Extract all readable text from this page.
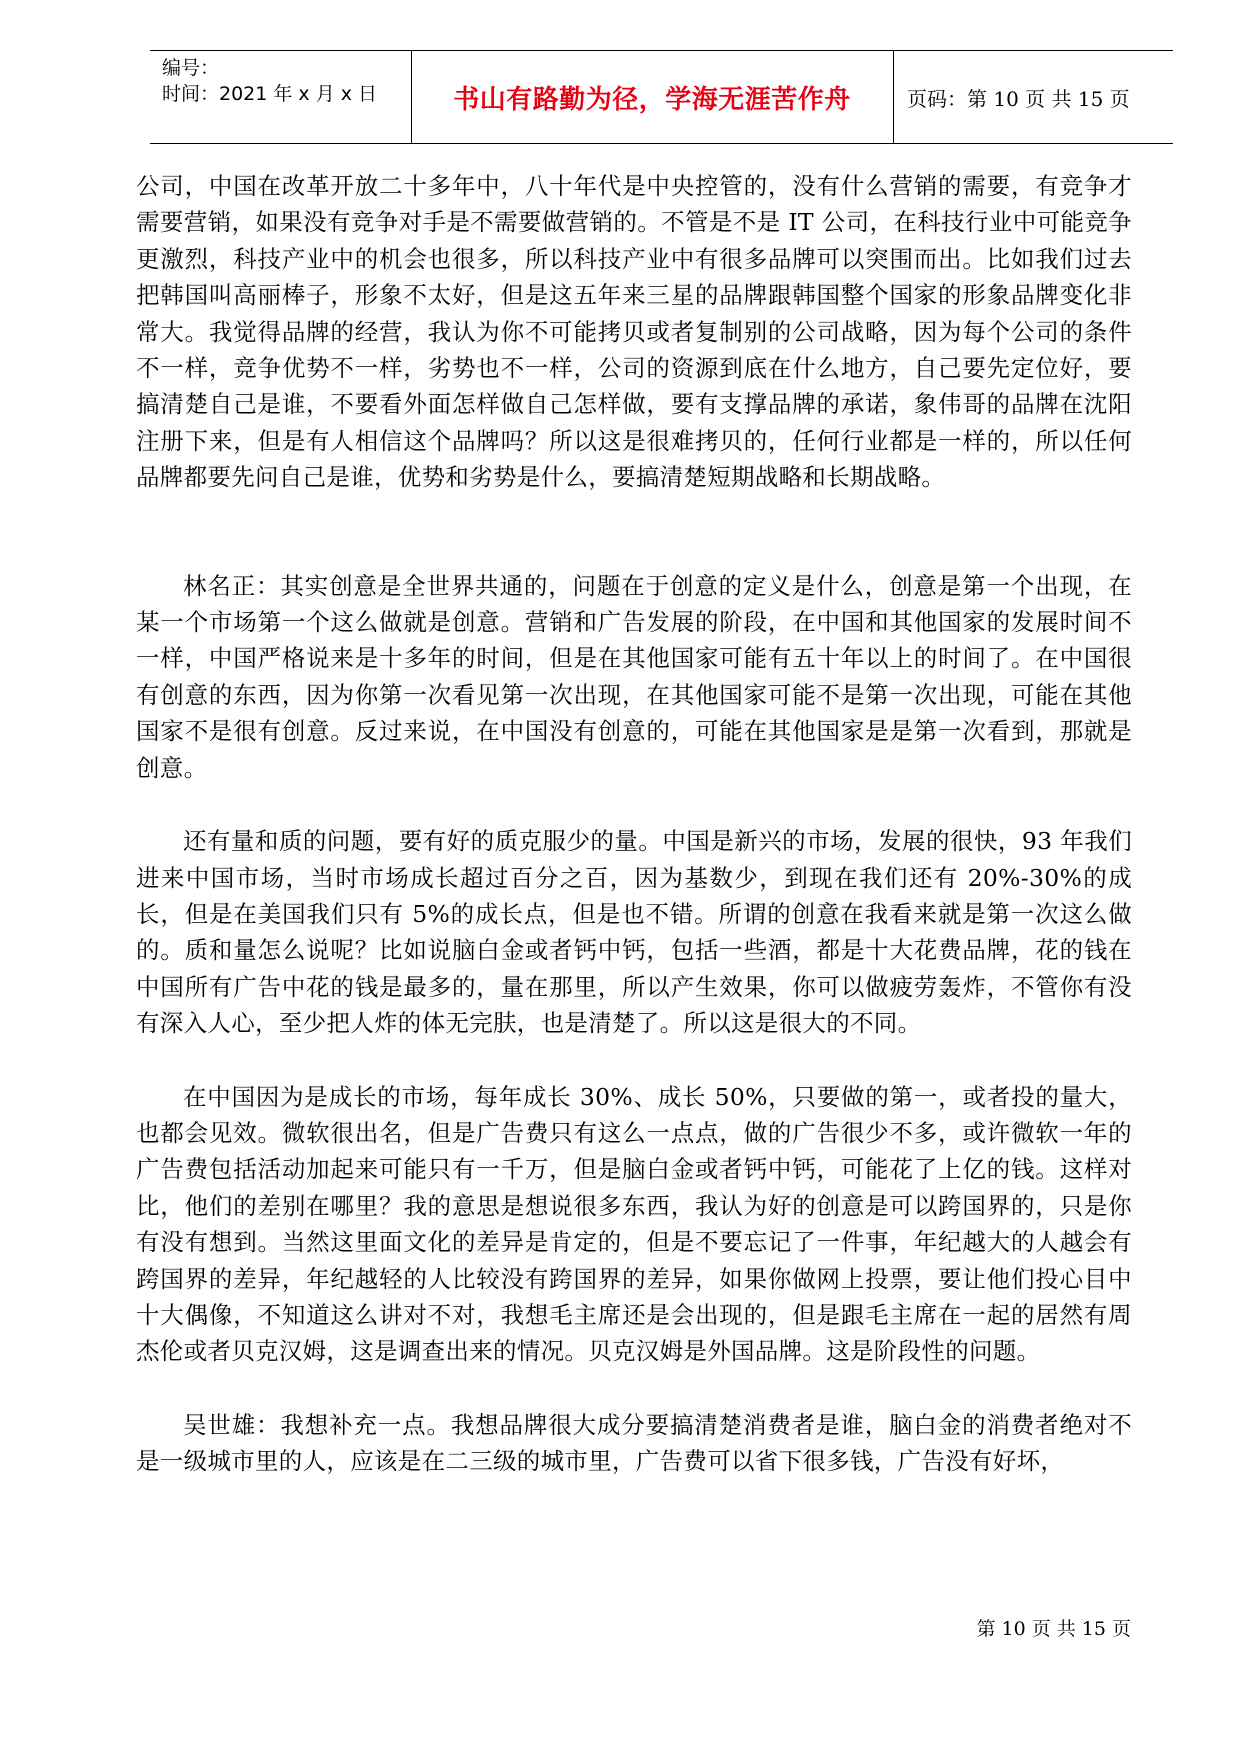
编号：
时间：2021 年 x 月 x 日	书山有路勤为径，学海无涯苦作舟	页码：第 10 页 共 15 页

公司，中国在改革开放二十多年中，八十年代是中央控管的，没有什么营销的需要，有竞争才需要营销，如果没有竞争对手是不需要做营销的。不管是不是 IT 公司，在科技行业中可能竞争更激烈，科技产业中的机会也很多，所以科技产业中有很多品牌可以突围而出。比如我们过去把韩国叫高丽棒子，形象不太好，但是这五年来三星的品牌跟韩国整个国家的形象品牌变化非常大。我觉得品牌的经营，我认为你不可能拷贝或者复制别的公司战略，因为每个公司的条件不一样，竞争优势不一样，劣势也不一样，公司的资源到底在什么地方，自己要先定位好，要搞清楚自己是谁，不要看外面怎样做自己怎样做，要有支撑品牌的承诺，象伟哥的品牌在沈阳注册下来，但是有人相信这个品牌吗？所以这是很难拷贝的，任何行业都是一样的，所以任何品牌都要先问自己是谁，优势和劣势是什么，要搞清楚短期战略和长期战略。

林名正：其实创意是全世界共通的，问题在于创意的定义是什么，创意是第一个出现，在某一个市场第一个这么做就是创意。营销和广告发展的阶段，在中国和其他国家的发展时间不一样，中国严格说来是十多年的时间，但是在其他国家可能有五十年以上的时间了。在中国很有创意的东西，因为你第一次看见第一次出现，在其他国家可能不是第一次出现，可能在其他国家不是很有创意。反过来说，在中国没有创意的，可能在其他国家是是第一次看到，那就是创意。

还有量和质的问题，要有好的质克服少的量。中国是新兴的市场，发展的很快，93 年我们进来中国市场，当时市场成长超过百分之百，因为基数少，到现在我们还有 20%-30%的成长，但是在美国我们只有 5%的成长点，但是也不错。所谓的创意在我看来就是第一次这么做的。质和量怎么说呢？比如说脑白金或者钙中钙，包括一些酒，都是十大花费品牌，花的钱在中国所有广告中花的钱是最多的，量在那里，所以产生效果，你可以做疲劳轰炸，不管你有没有深入人心，至少把人炸的体无完肤，也是清楚了。所以这是很大的不同。

在中国因为是成长的市场，每年成长 30%、成长 50%，只要做的第一，或者投的量大，也都会见效。微软很出名，但是广告费只有这么一点点，做的广告很少不多，或许微软一年的广告费包括活动加起来可能只有一千万，但是脑白金或者钙中钙，可能花了上亿的钱。这样对比，他们的差别在哪里？我的意思是想说很多东西，我认为好的创意是可以跨国界的，只是你有没有想到。当然这里面文化的差异是肯定的，但是不要忘记了一件事，年纪越大的人越会有跨国界的差异，年纪越轻的人比较没有跨国界的差异，如果你做网上投票，要让他们投心目中十大偶像，不知道这么讲对不对，我想毛主席还是会出现的，但是跟毛主席在一起的居然有周杰伦或者贝克汉姆，这是调查出来的情况。贝克汉姆是外国品牌。这是阶段性的问题。

吴世雄：我想补充一点。我想品牌很大成分要搞清楚消费者是谁，脑白金的消费者绝对不是一级城市里的人，应该是在二三级的城市里，广告费可以省下很多钱，广告没有好坏，

第 10 页 共 15 页
